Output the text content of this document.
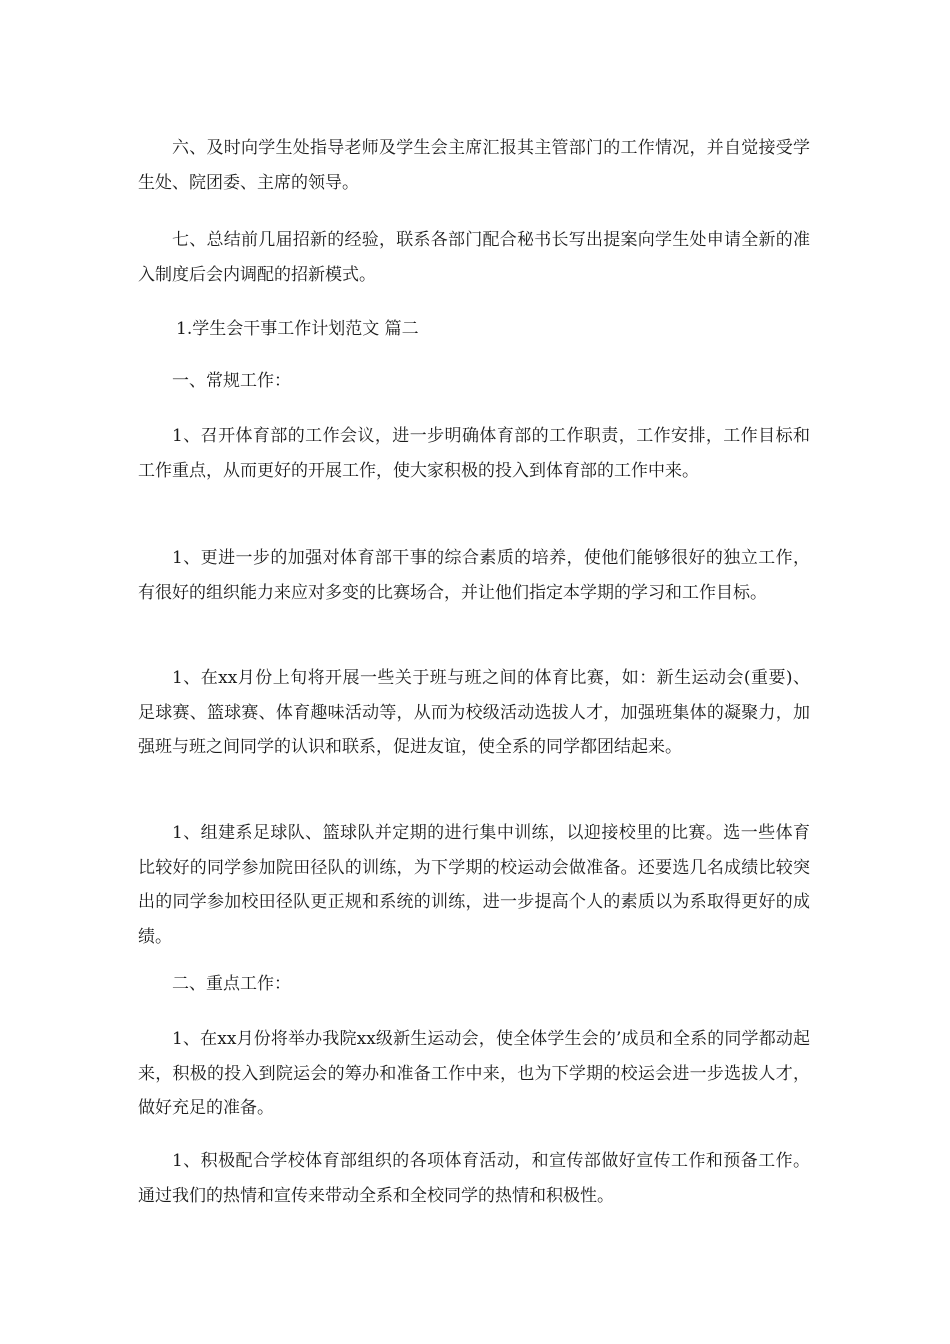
六、及时向学生处指导老师及学生会主席汇报其主管部门的工作情况，并自觉接受学生处、院团委、主席的领导。

七、总结前几届招新的经验，联系各部门配合秘书长写出提案向学生处申请全新的准入制度后会内调配的招新模式。

1.学生会干事工作计划范文 篇二

一、常规工作：

1、召开体育部的工作会议，进一步明确体育部的工作职责，工作安排，工作目标和工作重点，从而更好的开展工作，使大家积极的投入到体育部的工作中来。

1、更进一步的加强对体育部干事的综合素质的培养，使他们能够很好的独立工作，有很好的组织能力来应对多变的比赛场合，并让他们指定本学期的学习和工作目标。

1、在xx月份上旬将开展一些关于班与班之间的体育比赛，如：新生运动会(重要)、足球赛、篮球赛、体育趣味活动等，从而为校级活动选拔人才，加强班集体的凝聚力，加强班与班之间同学的认识和联系，促进友谊，使全系的同学都团结起来。

1、组建系足球队、篮球队并定期的进行集中训练，以迎接校里的比赛。选一些体育比较好的同学参加院田径队的训练，为下学期的校运动会做准备。还要选几名成绩比较突出的同学参加校田径队更正规和系统的训练，进一步提高个人的素质以为系取得更好的成绩。

二、重点工作：

1、在xx月份将举办我院xx级新生运动会，使全体学生会的’成员和全系的同学都动起来，积极的投入到院运会的筹办和准备工作中来，也为下学期的校运会进一步选拔人才，做好充足的准备。

1、积极配合学校体育部组织的各项体育活动，和宣传部做好宣传工作和预备工作。通过我们的热情和宣传来带动全系和全校同学的热情和积极性。
